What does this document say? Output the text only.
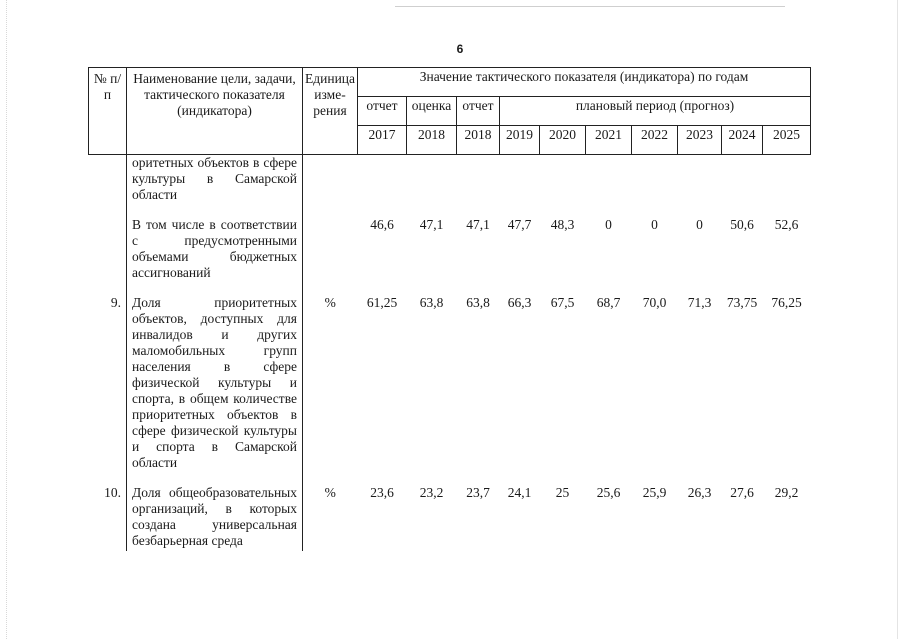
6
№ п/п	Наименование цели, задачи, тактического показателя (индикатора)	Единица измерения	Значение тактического показателя (индикатора) по годам									
			отчет	оценка	отчет	плановый период (прогноз)						
			2017	2018	2018	2019	2020	2021	2022	2023	2024	2025
	оритетных объектов в сфере культуры в Самарской области											

	В том числе в соответствии с предусмотренными объемами бюджетных ассигнований		46,6	47,1	47,1	47,7	48,3	0	0	0	50,6	52,6

9.	Доля приоритетных объектов, доступных для инвалидов и других маломобильных групп населения в сфере физической культуры и спорта, в общем количестве приоритетных объектов в сфере физической культуры и спорта в Самарской области	%	61,25	63,8	63,8	66,3	67,5	68,7	70,0	71,3	73,75	76,25

10.	Доля общеобразовательных организаций, в которых создана универсальная безбарьерная среда	%	23,6	23,2	23,7	24,1	25	25,6	25,9	26,3	27,6	29,2
